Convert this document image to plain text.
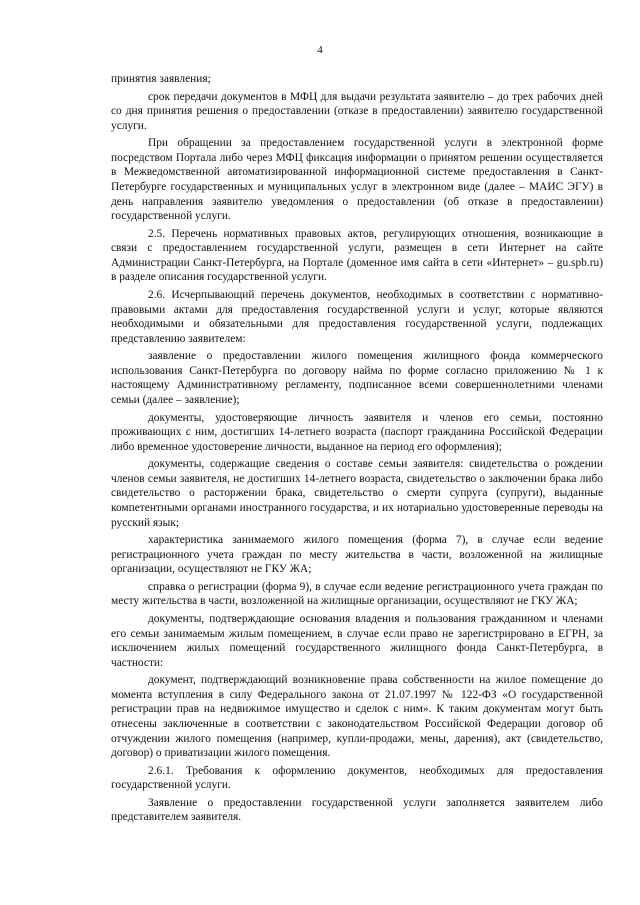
4

принятия заявления;

срок передачи документов в МФЦ для выдачи результата заявителю – до трех рабочих дней со дня принятия решения о предоставлении (отказе в предоставлении) заявителю государственной услуги.

При обращении за предоставлением государственной услуги в электронной форме посредством Портала либо через МФЦ фиксация информации о принятом решении осуществляется в Межведомственной автоматизированной информационной системе предоставления в Санкт-Петербурге государственных и муниципальных услуг в электронном виде (далее – МАИС ЭГУ) в день направления заявителю уведомления о предоставлении (об отказе в предоставлении) государственной услуги.

2.5. Перечень нормативных правовых актов, регулирующих отношения, возникающие в связи с предоставлением государственной услуги, размещен в сети Интернет на сайте Администрации Санкт-Петербурга, на Портале (доменное имя сайта в сети «Интернет» – gu.spb.ru) в разделе описания государственной услуги.

2.6. Исчерпывающий перечень документов, необходимых в соответствии с нормативно-правовыми актами для предоставления государственной услуги и услуг, которые являются необходимыми и обязательными для предоставления государственной услуги, подлежащих представлению заявителем:

заявление о предоставлении жилого помещения жилищного фонда коммерческого использования Санкт-Петербурга по договору найма по форме согласно приложению № 1 к настоящему Административному регламенту, подписанное всеми совершеннолетними членами семьи (далее – заявление);

документы, удостоверяющие личность заявителя и членов его семьи, постоянно проживающих с ним, достигших 14-летнего возраста (паспорт гражданина Российской Федерации либо временное удостоверение личности, выданное на период его оформления);

документы, содержащие сведения о составе семьи заявителя: свидетельства о рождении членов семьи заявителя, не достигших 14-летнего возраста, свидетельство о заключении брака либо свидетельство о расторжении брака, свидетельство о смерти супруга (супруги), выданные компетентными органами иностранного государства, и их нотариально удостоверенные переводы на русский язык;

характеристика занимаемого жилого помещения (форма 7), в случае если ведение регистрационного учета граждан по месту жительства в части, возложенной на жилищные организации, осуществляют не ГКУ ЖА;

справка о регистрации (форма 9), в случае если ведение регистрационного учета граждан по месту жительства в части, возложенной на жилищные организации, осуществляют не ГКУ ЖА;

документы, подтверждающие основания владения и пользования гражданином и членами его семьи занимаемым жилым помещением, в случае если право не зарегистрировано в ЕГРН, за исключением жилых помещений государственного жилищного фонда Санкт-Петербурга, в частности:

документ, подтверждающий возникновение права собственности на жилое помещение до момента вступления в силу Федерального закона от 21.07.1997 № 122-ФЗ «О государственной регистрации прав на недвижимое имущество и сделок с ним». К таким документам могут быть отнесены заключенные в соответствии с законодательством Российской Федерации договор об отчуждении жилого помещения (например, купли-продажи, мены, дарения), акт (свидетельство, договор) о приватизации жилого помещения.

2.6.1. Требования к оформлению документов, необходимых для предоставления государственной услуги.

Заявление о предоставлении государственной услуги заполняется заявителем либо представителем заявителя.
